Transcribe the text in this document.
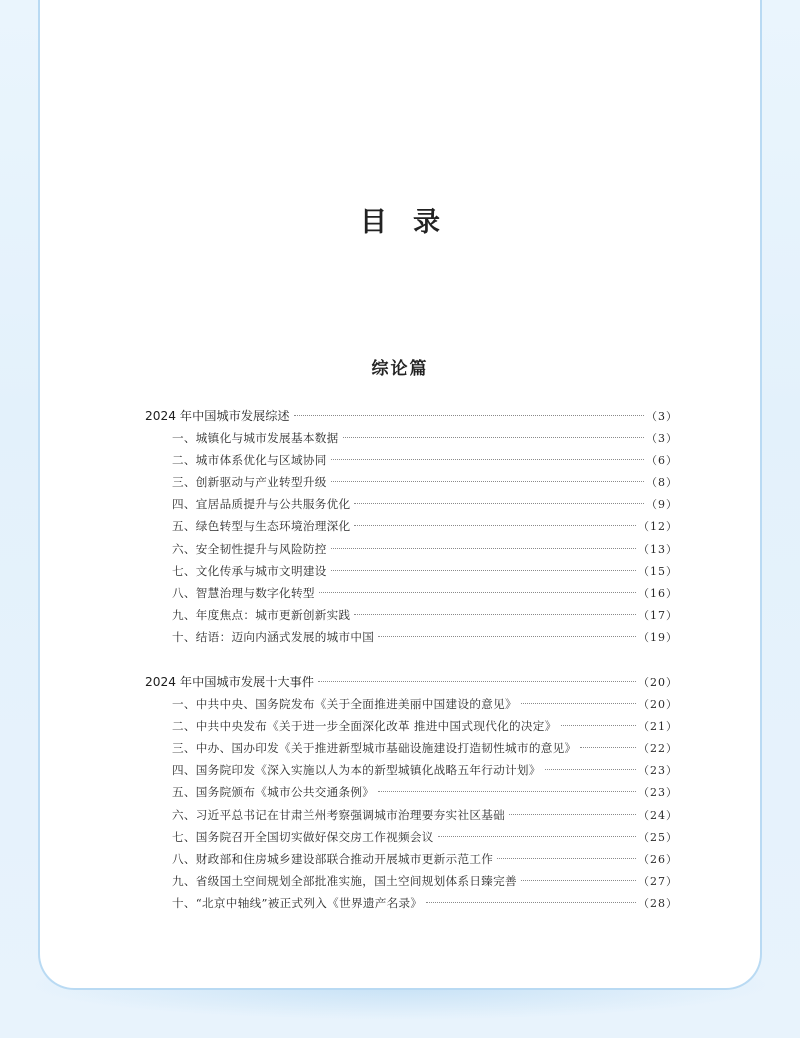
目录
综论篇
2024 年中国城市发展综述	（3）
一、城镇化与城市发展基本数据	（3）
二、城市体系优化与区域协同	（6）
三、创新驱动与产业转型升级	（8）
四、宜居品质提升与公共服务优化	（9）
五、绿色转型与生态环境治理深化	（12）
六、安全韧性提升与风险防控	（13）
七、文化传承与城市文明建设	（15）
八、智慧治理与数字化转型	（16）
九、年度焦点：城市更新创新实践	（17）
十、结语：迈向内涵式发展的城市中国	（19）
2024 年中国城市发展十大事件	（20）
一、中共中央、国务院发布《关于全面推进美丽中国建设的意见》	（20）
二、中共中央发布《关于进一步全面深化改革 推进中国式现代化的决定》	（21）
三、中办、国办印发《关于推进新型城市基础设施建设打造韧性城市的意见》	（22）
四、国务院印发《深入实施以人为本的新型城镇化战略五年行动计划》	（23）
五、国务院颁布《城市公共交通条例》	（23）
六、习近平总书记在甘肃兰州考察强调城市治理要夯实社区基础	（24）
七、国务院召开全国切实做好保交房工作视频会议	（25）
八、财政部和住房城乡建设部联合推动开展城市更新示范工作	（26）
九、省级国土空间规划全部批准实施，国土空间规划体系日臻完善	（27）
十、“北京中轴线”被正式列入《世界遗产名录》	（28）
